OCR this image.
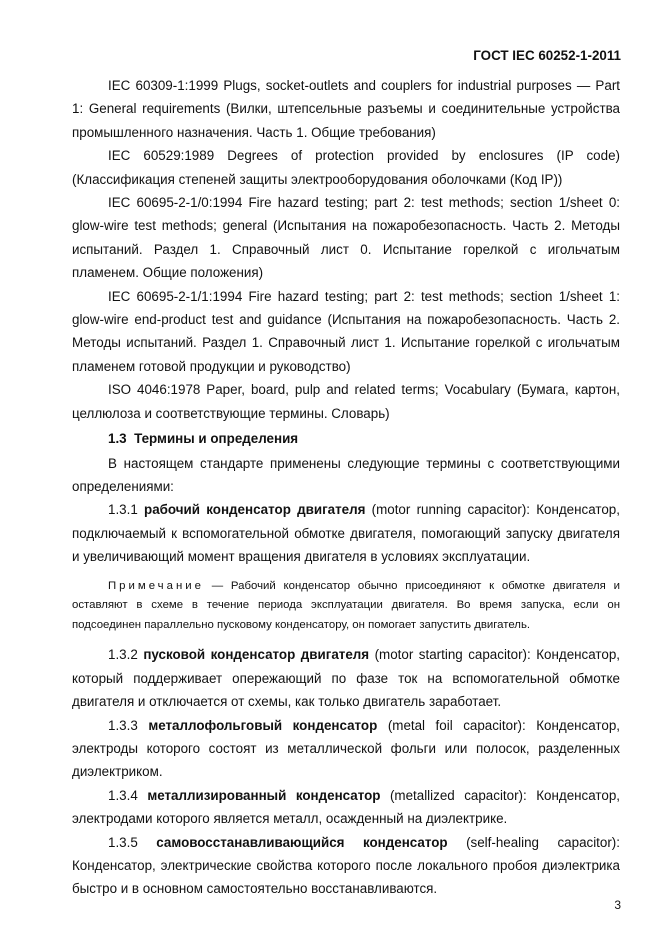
ГОСТ IEC 60252-1-2011

IEC 60309-1:1999 Plugs, socket-outlets and couplers for industrial purposes — Part 1: General requirements (Вилки, штепсельные разъемы и соединительные устройства промышленного назначения. Часть 1. Общие требования)

IEC 60529:1989 Degrees of protection provided by enclosures (IP code) (Классификация степеней защиты электрооборудования оболочками (Код IP))

IEC 60695-2-1/0:1994 Fire hazard testing; part 2: test methods; section 1/sheet 0: glow-wire test methods; general (Испытания на пожаробезопасность. Часть 2. Методы испытаний. Раздел 1. Справочный лист 0. Испытание горелкой с игольчатым пламенем. Общие положения)

IEC 60695-2-1/1:1994 Fire hazard testing; part 2: test methods; section 1/sheet 1: glow-wire end-product test and guidance (Испытания на пожаробезопасность. Часть 2. Методы испытаний. Раздел 1. Справочный лист 1. Испытание горелкой с игольчатым пламенем готовой продукции и руководство)

ISO 4046:1978 Paper, board, pulp and related terms; Vocabulary (Бумага, картон, целлюлоза и соответствующие термины. Словарь)

1.3 Термины и определения

В настоящем стандарте применены следующие термины с соответствующими определениями:

1.3.1 рабочий конденсатор двигателя (motor running capacitor): Конденсатор, подключаемый к вспомогательной обмотке двигателя, помогающий запуску двигателя и увеличивающий момент вращения двигателя в условиях эксплуатации.

Примечание — Рабочий конденсатор обычно присоединяют к обмотке двигателя и оставляют в схеме в течение периода эксплуатации двигателя. Во время запуска, если он подсоединен параллельно пусковому конденсатору, он помогает запустить двигатель.

1.3.2 пусковой конденсатор двигателя (motor starting capacitor): Конденсатор, который поддерживает опережающий по фазе ток на вспомогательной обмотке двигателя и отключается от схемы, как только двигатель заработает.

1.3.3 металлофольговый конденсатор (metal foil capacitor): Конденсатор, электроды которого состоят из металлической фольги или полосок, разделенных диэлектриком.

1.3.4 металлизированный конденсатор (metallized capacitor): Конденсатор, электродами которого является металл, осажденный на диэлектрике.

1.3.5 самовосстанавливающийся конденсатор (self-healing capacitor): Конденсатор, электрические свойства которого после локального пробоя диэлектрика быстро и в основном самостоятельно восстанавливаются.

3
